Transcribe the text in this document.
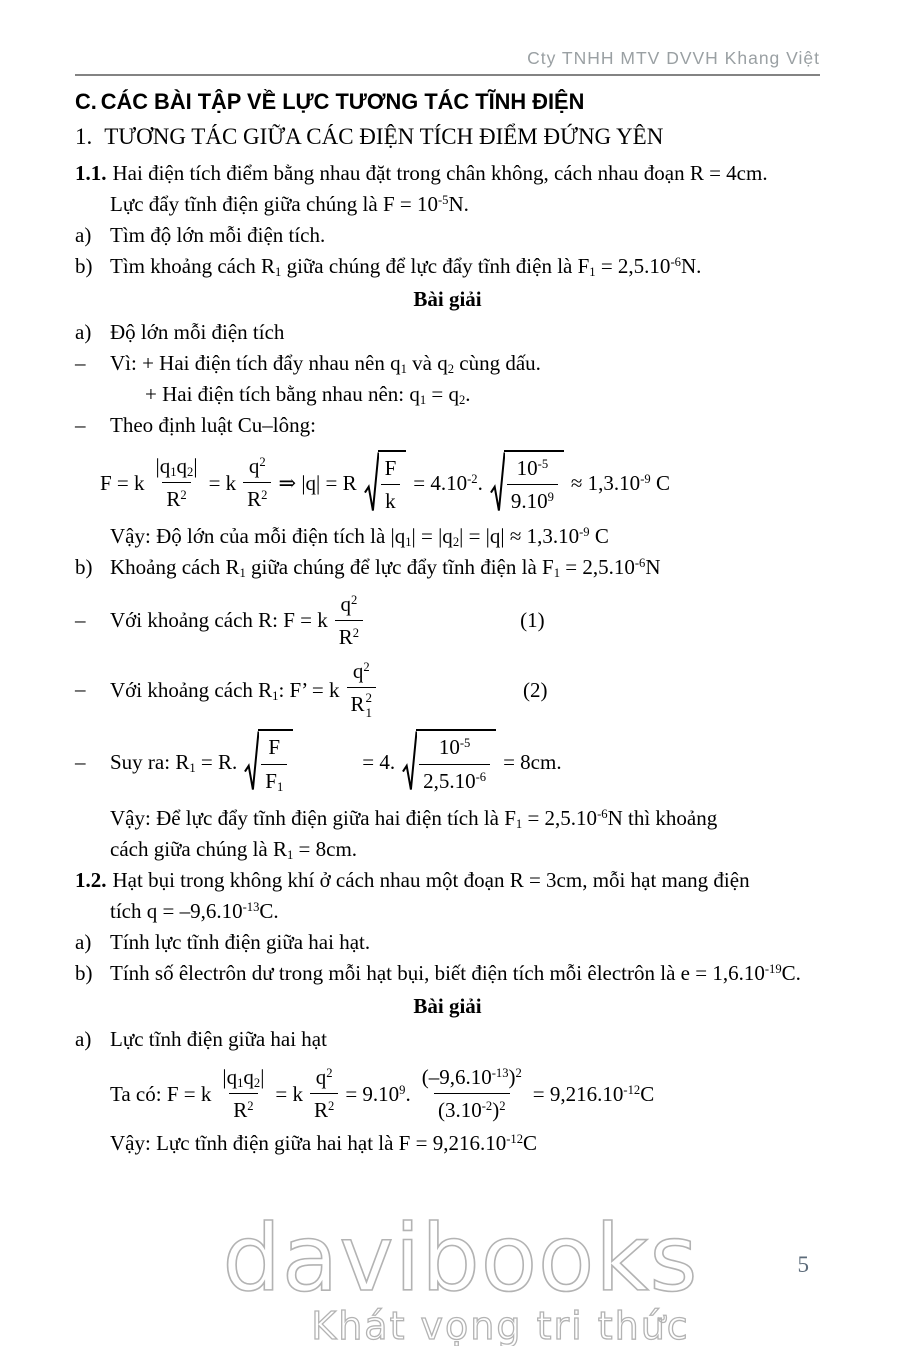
Cty TNHH MTV DVVH Khang Việt
C. CÁC BÀI TẬP VỀ LỰC TƯƠNG TÁC TĨNH ĐIỆN
1. TƯƠNG TÁC GIỮA CÁC ĐIỆN TÍCH ĐIỂM ĐỨNG YÊN
1.1. Hai điện tích điểm bằng nhau đặt trong chân không, cách nhau đoạn R = 4cm.
Lực đẩy tĩnh điện giữa chúng là $F = 10^{-5}N$.
a) Tìm độ lớn mỗi điện tích.
b) Tìm khoảng cách $R_1$ giữa chúng để lực đẩy tĩnh điện là $F_1 = 2,5.10^{-6}N$.
Bài giải
a) Độ lớn mỗi điện tích
–	Vì: + Hai điện tích đẩy nhau nên $q_1$ và $q_2$ cùng dấu.
+ Hai điện tích bằng nhau nên: $q_1 = q_2$.
–	Theo định luật Cu–lông:
F = k $\frac{|q_1q_2|}{R^2} = k \frac{q^2}{R^2}$ ⇒ |q| = R $\frac{F}{k} = 4.10^{-2}$. $\frac{10^{-5}}{9.10^9} \approx 1,3.10^{-9}$ C
Vậy: Độ lớn của mỗi điện tích là $|q_1| = |q_2| = |q| \approx 1,3.10^{-9}$ C
b) Khoảng cách $R_1$ giữa chúng để lực đẩy tĩnh điện là $F_1 = 2,5.10^{-6}N$
–	Với khoảng cách R: F = k $\frac{q^2}{R^2}$	(1)
–	Với khoảng cách $R_1$: F’ = k $q^2$
R 2
1	(2)
–	Suy ra: $R_1 = R$. $\frac{F}{F_1}$	= 4. $\frac{10^{-5}}{2,5.10^{-6}} = 8cm$.
Vậy: Để lực đẩy tĩnh điện giữa hai điện tích là $F_1 = 2,5.10^{-6}N$ thì khoảng
cách giữa chúng là $R_1 = 8cm$.
1.2. Hạt bụi trong không khí ở cách nhau một đoạn R = 3cm, mỗi hạt mang điện
tích $q = -9,6.10^{-13}C$.
a) Tính lực tĩnh điện giữa hai hạt.
b) Tính số êlectrôn dư trong mỗi hạt bụi, biết điện tích mỗi êlectrôn là $e = 1,6.10^{-19}C$.
Bài giải
a) Lực tĩnh điện giữa hai hạt
Ta có: F = k $\frac{|q_1q_2|}{R^2} = k \frac{q^2}{R^2} = 9.10^9$. $\frac{(-9,6.10^{-13})^2}{(3.10^{-2})^2} = 9,216.10^{-12}C$
Vậy: Lực tĩnh điện giữa hai hạt là $F = 9,216.10^{-12}C$
davibooks
Khát vọng tri thức
5
